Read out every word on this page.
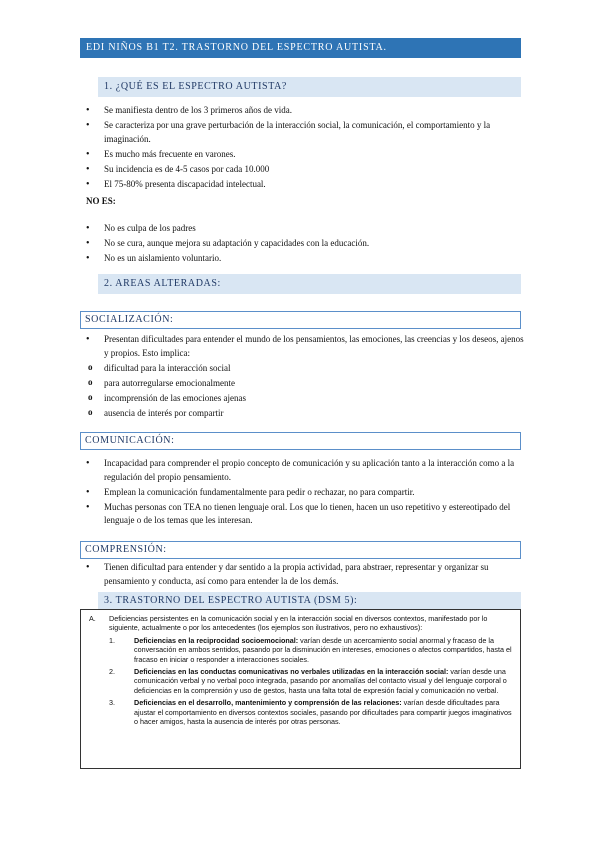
EDI NIÑOS B1 T2. TRASTORNO DEL ESPECTRO AUTISTA.
1. ¿QUÉ ES EL ESPECTRO AUTISTA?
• Se manifiesta dentro de los 3 primeros años de vida.
• Se caracteriza por una grave perturbación de la interacción social, la comunicación, el comportamiento y la imaginación.
• Es mucho más frecuente en varones.
• Su incidencia es de 4-5 casos por cada 10.000
• El 75-80% presenta discapacidad intelectual.
NO ES:
• No es culpa de los padres
• No se cura, aunque mejora su adaptación y capacidades con la educación.
• No es un aislamiento voluntario.
2. AREAS ALTERADAS:
SOCIALIZACIÓN:
• Presentan dificultades para entender el mundo de los pensamientos, las emociones, las creencias y los deseos, ajenos y propios. Esto implica:
o dificultad para la interacción social
o para autorregularse emocionalmente
o incomprensión de las emociones ajenas
o ausencia de interés por compartir
COMUNICACIÓN:
• Incapacidad para comprender el propio concepto de comunicación y su aplicación tanto a la interacción como a la regulación del propio pensamiento.
• Emplean la comunicación fundamentalmente para pedir o rechazar, no para compartir.
• Muchas personas con TEA no tienen lenguaje oral. Los que lo tienen, hacen un uso repetitivo y estereotipado del lenguaje o de los temas que les interesan.
COMPRENSIÓN:
• Tienen dificultad para entender y dar sentido a la propia actividad, para abstraer, representar y organizar su pensamiento y conducta, así como para entender la de los demás.
3. TRASTORNO DEL ESPECTRO AUTISTA (DSM 5):
A. Deficiencias persistentes en la comunicación social y en la interacción social en diversos contextos, manifestado por lo siguiente, actualmente o por los antecedentes (los ejemplos son ilustrativos, pero no exhaustivos):
1.	Deficiencias en la reciprocidad socioemocional: varían desde un acercamiento social anormal y fracaso de la conversación en ambos sentidos, pasando por la disminución en intereses, emociones o afectos compartidos, hasta el fracaso en iniciar o responder a interacciones sociales.
2.	Deficiencias en las conductas comunicativas no verbales utilizadas en la interacción social: varían desde una comunicación verbal y no verbal poco integrada, pasando por anomalías del contacto visual y del lenguaje corporal o deficiencias en la comprensión y uso de gestos, hasta una falta total de expresión facial y comunicación no verbal.
3.	Deficiencias en el desarrollo, mantenimiento y comprensión de las relaciones: varían desde dificultades para ajustar el comportamiento en diversos contextos sociales, pasando por dificultades para compartir juegos imaginativos o hacer amigos, hasta la ausencia de interés por otras personas.
